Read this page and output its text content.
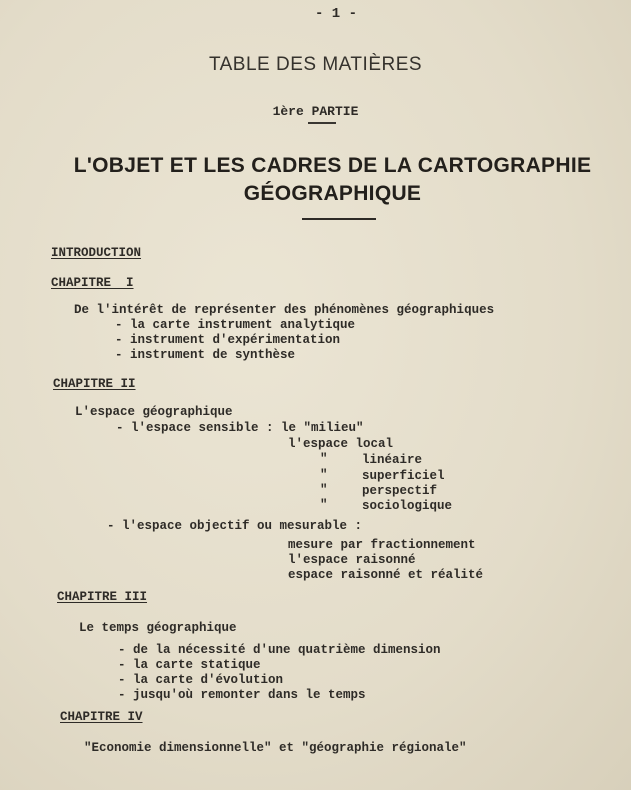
- 1 -
TABLE DES MATIÈRES
1ère PARTIE
L'OBJET ET LES CADRES DE LA CARTOGRAPHIE
GÉOGRAPHIQUE
INTRODUCTION
CHAPITRE  I
De l'intérêt de représenter des phénomènes géographiques
- la carte instrument analytique
- instrument d'expérimentation
- instrument de synthèse
CHAPITRE II
L'espace géographique
- l'espace sensible : le "milieu"
l'espace local
"	linéaire
"	superficiel
"	perspectif
"	sociologique
- l'espace objectif ou mesurable :
mesure par fractionnement
l'espace raisonné
espace raisonné et réalité
CHAPITRE III
Le temps géographique
- de la nécessité d'une quatrième dimension
- la carte statique
- la carte d'évolution
- jusqu'où remonter dans le temps
CHAPITRE IV
"Economie dimensionnelle" et "géographie régionale"
